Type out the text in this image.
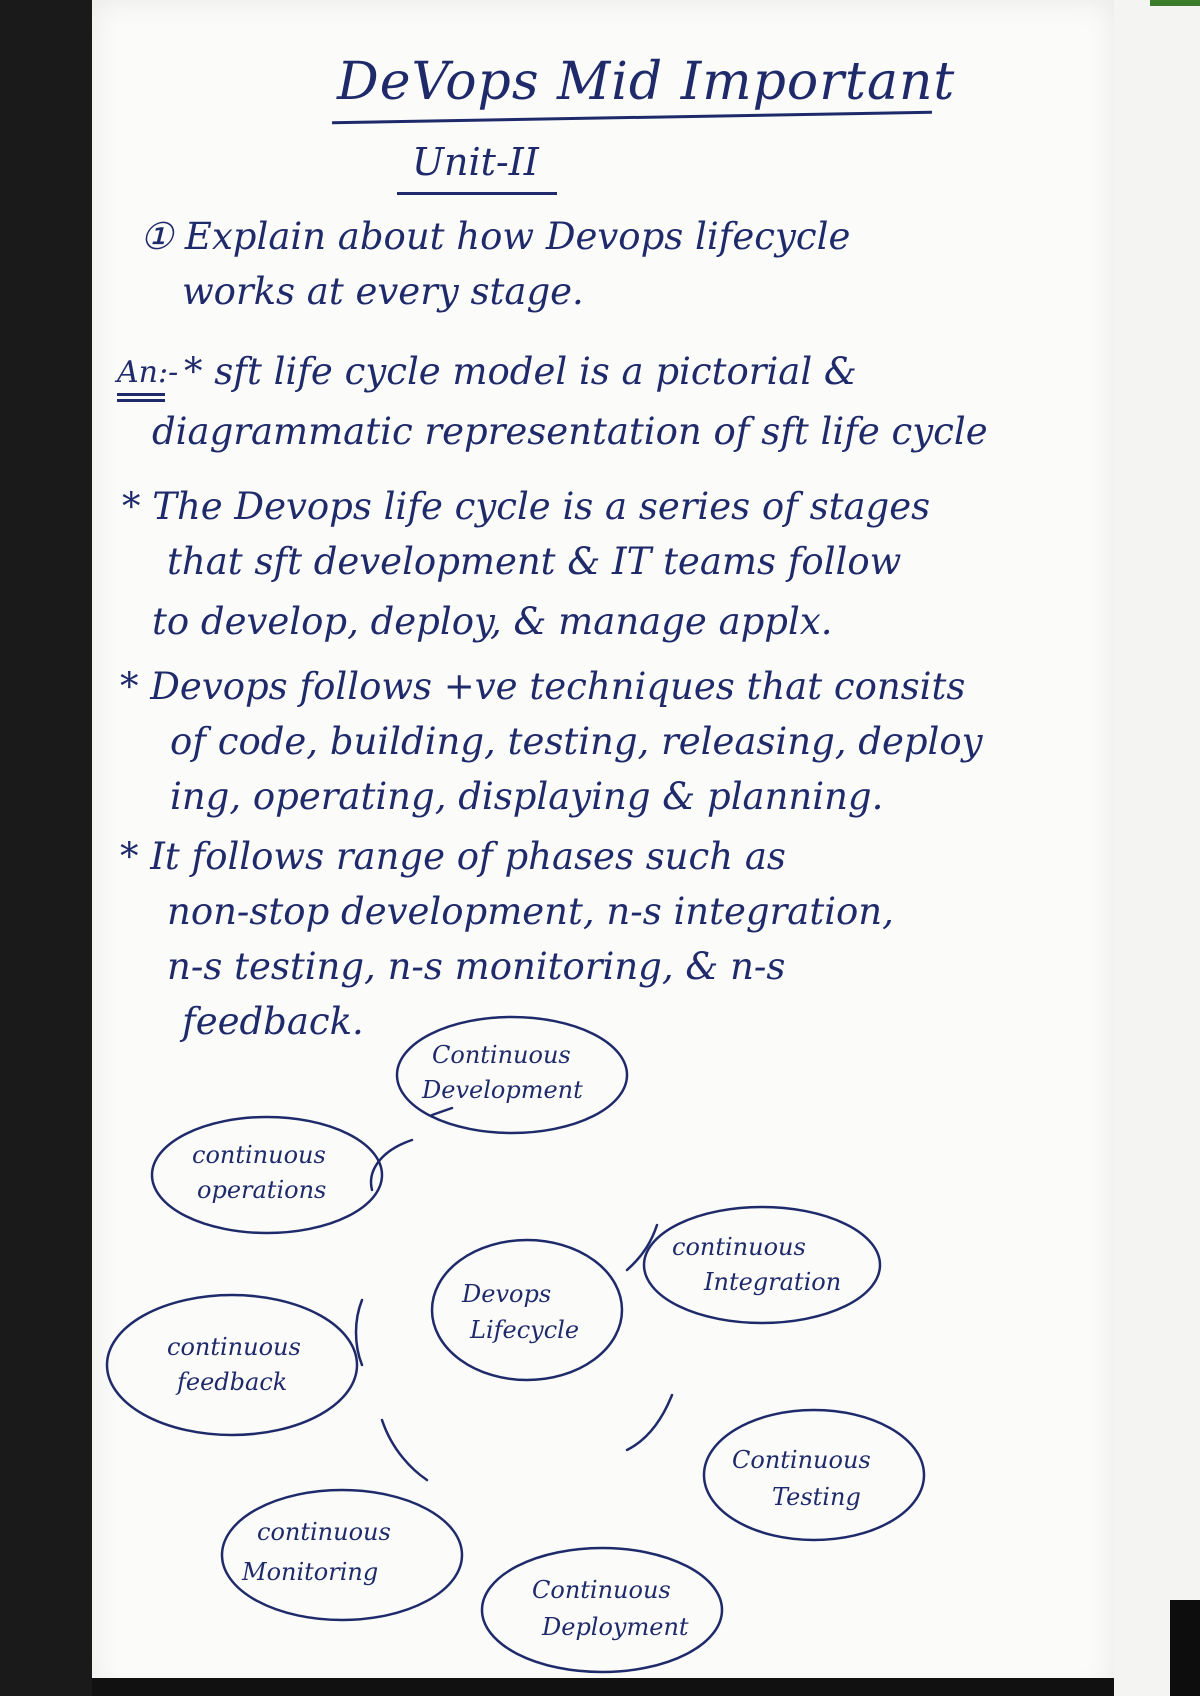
DeVops Mid Important

Unit-II

① Explain about how Devops lifecycle

works at every stage.

An:- * sft life cycle model is a pictorial &

diagrammatic representation of sft life cycle

* The Devops life cycle is a series of stages

that sft development & IT teams follow

to develop, deploy, & manage applx.

* Devops follows +ve techniques that consits

of code, building, testing, releasing, deploy

ing, operating, displaying & planning.

* It follows range of phases such as

non-stop development, n-s integration,

n-s testing, n-s monitoring, & n-s

feedback.

Continuous
Development
continuous
operations
continuous
Integration
Devops
Lifecycle
continuous
feedback
Continuous
Testing
continuous
Monitoring
Continuous
Deployment
